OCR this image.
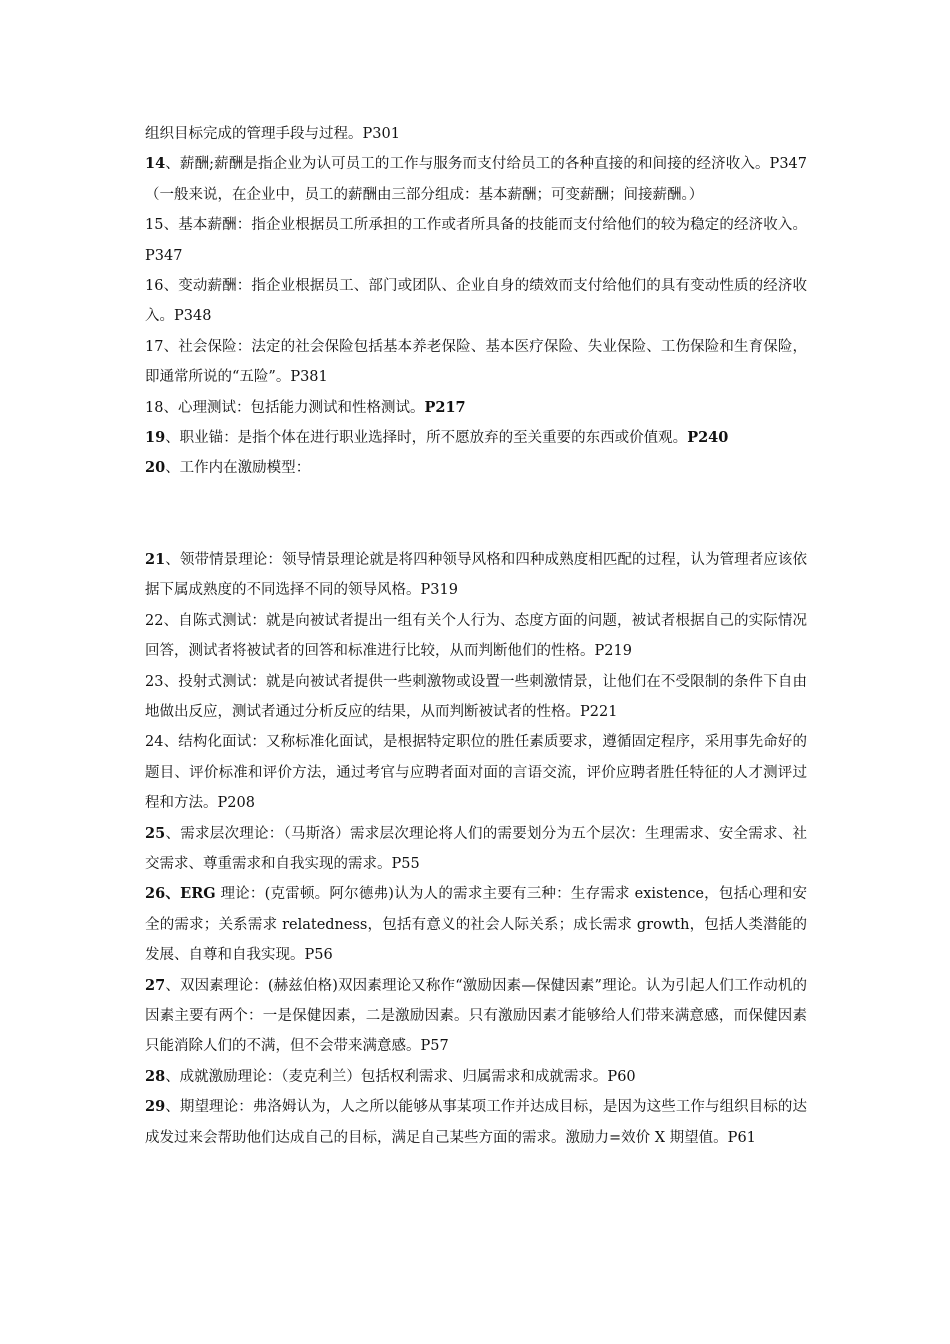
组织目标完成的管理手段与过程。P301

14、薪酬;薪酬是指企业为认可员工的工作与服务而支付给员工的各种直接的和间接的经济收入。P347（一般来说，在企业中，员工的薪酬由三部分组成：基本薪酬；可变薪酬；间接薪酬。）

15、基本薪酬：指企业根据员工所承担的工作或者所具备的技能而支付给他们的较为稳定的经济收入。P347

16、变动薪酬：指企业根据员工、部门或团队、企业自身的绩效而支付给他们的具有变动性质的经济收入。P348

17、社会保险：法定的社会保险包括基本养老保险、基本医疗保险、失业保险、工伤保险和生育保险，即通常所说的“五险”。P381

18、心理测试：包括能力测试和性格测试。P217

19、职业锚：是指个体在进行职业选择时，所不愿放弃的至关重要的东西或价值观。P240

20、工作内在激励模型：

21、领带情景理论：领导情景理论就是将四种领导风格和四种成熟度相匹配的过程，认为管理者应该依据下属成熟度的不同选择不同的领导风格。P319

22、自陈式测试：就是向被试者提出一组有关个人行为、态度方面的问题，被试者根据自己的实际情况回答，测试者将被试者的回答和标准进行比较，从而判断他们的性格。P219

23、投射式测试：就是向被试者提供一些刺激物或设置一些刺激情景，让他们在不受限制的条件下自由地做出反应，测试者通过分析反应的结果，从而判断被试者的性格。P221

24、结构化面试：又称标准化面试，是根据特定职位的胜任素质要求，遵循固定程序，采用事先命好的题目、评价标准和评价方法，通过考官与应聘者面对面的言语交流，评价应聘者胜任特征的人才测评过程和方法。P208

25、需求层次理论：（马斯洛）需求层次理论将人们的需要划分为五个层次：生理需求、安全需求、社交需求、尊重需求和自我实现的需求。P55

26、ERG 理论：(克雷顿。阿尔德弗)认为人的需求主要有三种：生存需求 existence，包括心理和安全的需求；关系需求 relatedness，包括有意义的社会人际关系；成长需求 growth，包括人类潜能的发展、自尊和自我实现。P56

27、双因素理论：(赫兹伯格)双因素理论又称作“激励因素—保健因素”理论。认为引起人们工作动机的因素主要有两个：一是保健因素，二是激励因素。只有激励因素才能够给人们带来满意感，而保健因素只能消除人们的不满，但不会带来满意感。P57

28、成就激励理论：（麦克利兰）包括权利需求、归属需求和成就需求。P60

29、期望理论：弗洛姆认为，人之所以能够从事某项工作并达成目标，是因为这些工作与组织目标的达成发过来会帮助他们达成自己的目标，满足自己某些方面的需求。激励力=效价 X 期望值。P61
